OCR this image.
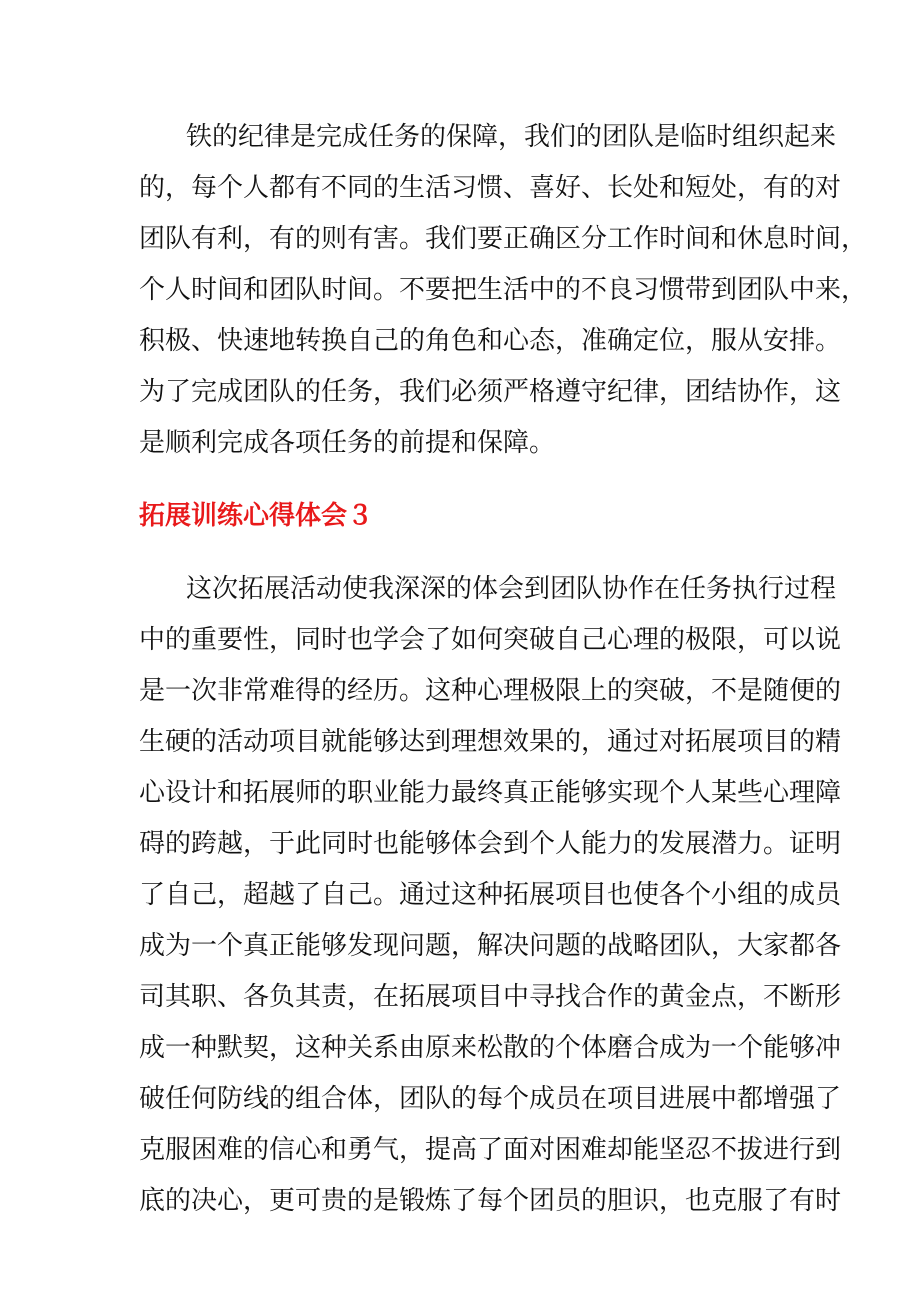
铁的纪律是完成任务的保障，我们的团队是临时组织起来
的，每个人都有不同的生活习惯、喜好、长处和短处，有的对
团队有利，有的则有害。我们要正确区分工作时间和休息时间，
个人时间和团队时间。不要把生活中的不良习惯带到团队中来，
积极、快速地转换自己的角色和心态，准确定位，服从安排。
为了完成团队的任务，我们必须严格遵守纪律，团结协作，这
是顺利完成各项任务的前提和保障。
拓展训练心得体会３
这次拓展活动使我深深的体会到团队协作在任务执行过程
中的重要性，同时也学会了如何突破自己心理的极限，可以说
是一次非常难得的经历。这种心理极限上的突破，不是随便的
生硬的活动项目就能够达到理想效果的，通过对拓展项目的精
心设计和拓展师的职业能力最终真正能够实现个人某些心理障
碍的跨越，于此同时也能够体会到个人能力的发展潜力。证明
了自己，超越了自己。通过这种拓展项目也使各个小组的成员
成为一个真正能够发现问题，解决问题的战略团队，大家都各
司其职、各负其责，在拓展项目中寻找合作的黄金点，不断形
成一种默契，这种关系由原来松散的个体磨合成为一个能够冲
破任何防线的组合体，团队的每个成员在项目进展中都增强了
克服困难的信心和勇气，提高了面对困难却能坚忍不拔进行到
底的决心，更可贵的是锻炼了每个团员的胆识，也克服了有时
